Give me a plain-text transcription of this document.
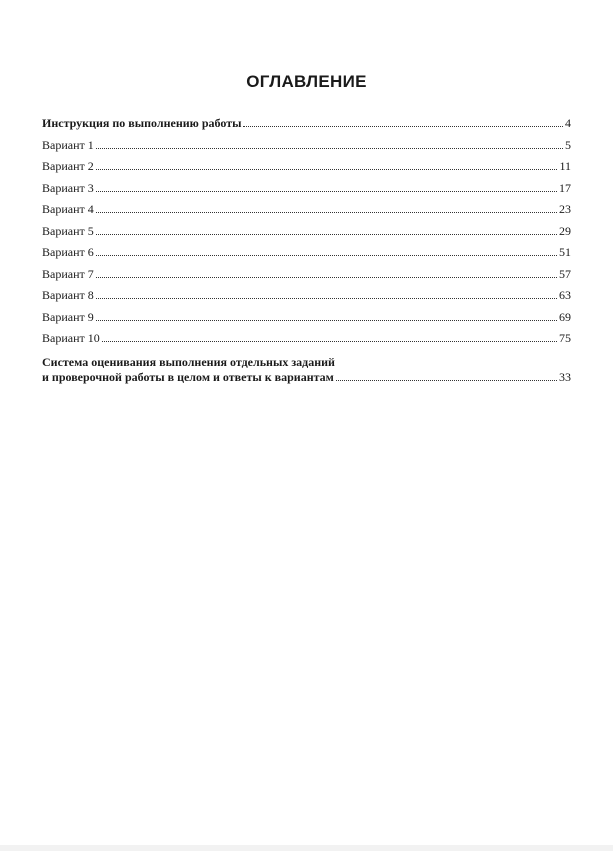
ОГЛАВЛЕНИЕ
Инструкция по выполнению работы	4
Вариант 1	5
Вариант 2	11
Вариант 3	17
Вариант 4	23
Вариант 5	29
Вариант 6	51
Вариант 7	57
Вариант 8	63
Вариант 9	69
Вариант 10	75
Система оценивания выполнения отдельных заданий
и проверочной работы в целом и ответы к вариантам	33
